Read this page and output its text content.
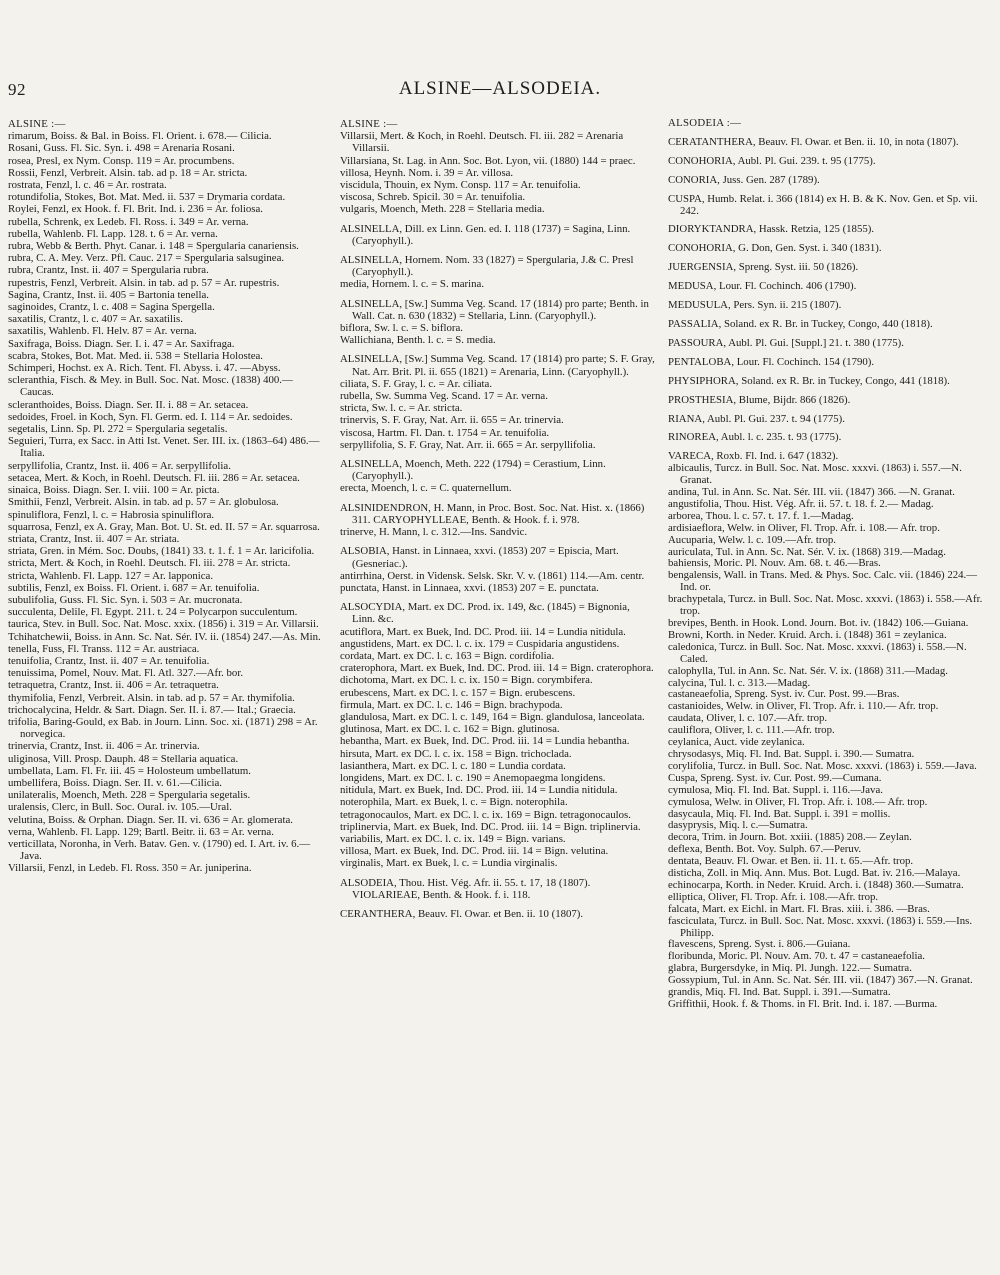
92	ALSINE—ALSODEIA.

ALSINE :—

rimarum, Boiss. & Bal. in Boiss. Fl. Orient. i. 678.— Cilicia.

Rosani, Guss. Fl. Sic. Syn. i. 498 = Arenaria Rosani.

rosea, Presl, ex Nym. Consp. 119 = Ar. procumbens.

Rossii, Fenzl, Verbreit. Alsin. tab. ad p. 18 = Ar. stricta.

rostrata, Fenzl, l. c. 46 = Ar. rostrata.

rotundifolia, Stokes, Bot. Mat. Med. ii. 537 = Drymaria cordata.

Roylei, Fenzl, ex Hook. f. Fl. Brit. Ind. i. 236 = Ar. foliosa.

rubella, Schrenk, ex Ledeb. Fl. Ross. i. 349 = Ar. verna.

rubella, Wahlenb. Fl. Lapp. 128. t. 6 = Ar. verna.

rubra, Webb & Berth. Phyt. Canar. i. 148 = Spergularia canariensis.

rubra, C. A. Mey. Verz. Pfl. Cauc. 217 = Spergularia salsuginea.

rubra, Crantz, Inst. ii. 407 = Spergularia rubra.

rupestris, Fenzl, Verbreit. Alsin. in tab. ad p. 57 = Ar. rupestris.

Sagina, Crantz, Inst. ii. 405 = Bartonia tenella.

saginoides, Crantz, l. c. 408 = Sagina Spergella.

saxatilis, Crantz, l. c. 407 = Ar. saxatilis.

saxatilis, Wahlenb. Fl. Helv. 87 = Ar. verna.

Saxifraga, Boiss. Diagn. Ser. I. i. 47 = Ar. Saxifraga.

scabra, Stokes, Bot. Mat. Med. ii. 538 = Stellaria Holostea.

Schimperi, Hochst. ex A. Rich. Tent. Fl. Abyss. i. 47. —Abyss.

scleranthia, Fisch. & Mey. in Bull. Soc. Nat. Mosc. (1838) 400.—Caucas.

scleranthoides, Boiss. Diagn. Ser. II. i. 88 = Ar. setacea.

sedoides, Froel. in Koch, Syn. Fl. Germ. ed. I. 114 = Ar. sedoides.

segetalis, Linn. Sp. Pl. 272 = Spergularia segetalis.

Seguieri, Turra, ex Sacc. in Atti Ist. Venet. Ser. III. ix. (1863–64) 486.—Italia.

serpyllifolia, Crantz, Inst. ii. 406 = Ar. serpyllifolia.

setacea, Mert. & Koch, in Roehl. Deutsch. Fl. iii. 286 = Ar. setacea.

sinaica, Boiss. Diagn. Ser. I. viii. 100 = Ar. picta.

Smithii, Fenzl, Verbreit. Alsin. in tab. ad p. 57 = Ar. globulosa.

spinuliflora, Fenzl, l. c. = Habrosia spinuliflora.

squarrosa, Fenzl, ex A. Gray, Man. Bot. U. St. ed. II. 57 = Ar. squarrosa.

striata, Crantz, Inst. ii. 407 = Ar. striata.

striata, Gren. in Mém. Soc. Doubs, (1841) 33. t. 1. f. 1 = Ar. laricifolia.

stricta, Mert. & Koch, in Roehl. Deutsch. Fl. iii. 278 = Ar. stricta.

stricta, Wahlenb. Fl. Lapp. 127 = Ar. lapponica.

subtilis, Fenzl, ex Boiss. Fl. Orient. i. 687 = Ar. tenuifolia.

subulifolia, Guss. Fl. Sic. Syn. i. 503 = Ar. mucronata.

succulenta, Delile, Fl. Egypt. 211. t. 24 = Polycarpon succulentum.

taurica, Stev. in Bull. Soc. Nat. Mosc. xxix. (1856) i. 319 = Ar. Villarsii.

Tchihatchewii, Boiss. in Ann. Sc. Nat. Sér. IV. ii. (1854) 247.—As. Min.

tenella, Fuss, Fl. Transs. 112 = Ar. austriaca.

tenuifolia, Crantz, Inst. ii. 407 = Ar. tenuifolia.

tenuissima, Pomel, Nouv. Mat. Fl. Atl. 327.—Afr. bor.

tetraquetra, Crantz, Inst. ii. 406 = Ar. tetraquetra.

thymifolia, Fenzl, Verbreit. Alsin. in tab. ad p. 57 = Ar. thymifolia.

trichocalycina, Heldr. & Sart. Diagn. Ser. II. i. 87.— Ital.; Graecia.

trifolia, Baring-Gould, ex Bab. in Journ. Linn. Soc. xi. (1871) 298 = Ar. norvegica.

trinervia, Crantz, Inst. ii. 406 = Ar. trinervia.

uliginosa, Vill. Prosp. Dauph. 48 = Stellaria aquatica.

umbellata, Lam. Fl. Fr. iii. 45 = Holosteum umbellatum.

umbellifera, Boiss. Diagn. Ser. II. v. 61.—Cilicia.

unilateralis, Moench, Meth. 228 = Spergularia segetalis.

uralensis, Clerc, in Bull. Soc. Oural. iv. 105.—Ural.

velutina, Boiss. & Orphan. Diagn. Ser. II. vi. 636 = Ar. glomerata.

verna, Wahlenb. Fl. Lapp. 129; Bartl. Beitr. ii. 63 = Ar. verna.

verticillata, Noronha, in Verh. Batav. Gen. v. (1790) ed. I. Art. iv. 6.—Java.

Villarsii, Fenzl, in Ledeb. Fl. Ross. 350 = Ar. juniperina.

ALSINE :—

Villarsii, Mert. & Koch, in Roehl. Deutsch. Fl. iii. 282 = Arenaria Villarsii.

Villarsiana, St. Lag. in Ann. Soc. Bot. Lyon, vii. (1880) 144 = praec.

villosa, Heynh. Nom. i. 39 = Ar. villosa.

viscidula, Thouin, ex Nym. Consp. 117 = Ar. tenuifolia.

viscosa, Schreb. Spicil. 30 = Ar. tenuifolia.

vulgaris, Moench, Meth. 228 = Stellaria media.

ALSINELLA, Dill. ex Linn. Gen. ed. I. 118 (1737) = Sagina, Linn. (Caryophyll.).

ALSINELLA, Hornem. Nom. 33 (1827) = Spergularia, J.& C. Presl (Caryophyll.).

media, Hornem. l. c. = S. marina.

ALSINELLA, [Sw.] Summa Veg. Scand. 17 (1814) pro parte; Benth. in Wall. Cat. n. 630 (1832) = Stellaria, Linn. (Caryophyll.).

biflora, Sw. l. c. = S. biflora.

Wallichiana, Benth. l. c. = S. media.

ALSINELLA, [Sw.] Summa Veg. Scand. 17 (1814) pro parte; S. F. Gray, Nat. Arr. Brit. Pl. ii. 655 (1821) = Arenaria, Linn. (Caryophyll.).

ciliata, S. F. Gray, l. c. = Ar. ciliata.

rubella, Sw. Summa Veg. Scand. 17 = Ar. verna.

stricta, Sw. l. c. = Ar. stricta.

trinervis, S. F. Gray, Nat. Arr. ii. 655 = Ar. trinervia.

viscosa, Hartm. Fl. Dan. t. 1754 = Ar. tenuifolia.

serpyllifolia, S. F. Gray, Nat. Arr. ii. 665 = Ar. serpyllifolia.

ALSINELLA, Moench, Meth. 222 (1794) = Cerastium, Linn. (Caryophyll.).

erecta, Moench, l. c. = C. quaternellum.

ALSINIDENDRON, H. Mann, in Proc. Bost. Soc. Nat. Hist. x. (1866) 311. CARYOPHYLLEAE, Benth. & Hook. f. i. 978.

trinerve, H. Mann, l. c. 312.—Ins. Sandvic.

ALSOBIA, Hanst. in Linnaea, xxvi. (1853) 207 = Episcia, Mart. (Gesneriac.).

antirrhina, Oerst. in Vidensk. Selsk. Skr. V. v. (1861) 114.—Am. centr.

punctata, Hanst. in Linnaea, xxvi. (1853) 207 = E. punctata.

ALSOCYDIA, Mart. ex DC. Prod. ix. 149, &c. (1845) = Bignonia, Linn. &c.

acutiflora, Mart. ex Buek, Ind. DC. Prod. iii. 14 = Lundia nitidula.

angustidens, Mart. ex DC. l. c. ix. 179 = Cuspidaria angustidens.

cordata, Mart. ex DC. l. c. 163 = Bign. cordifolia.

craterophora, Mart. ex Buek, Ind. DC. Prod. iii. 14 = Bign. craterophora.

dichotoma, Mart. ex DC. l. c. ix. 150 = Bign. corymbifera.

erubescens, Mart. ex DC. l. c. 157 = Bign. erubescens.

firmula, Mart. ex DC. l. c. 146 = Bign. brachypoda.

glandulosa, Mart. ex DC. l. c. 149, 164 = Bign. glandulosa, lanceolata.

glutinosa, Mart. ex DC. l. c. 162 = Bign. glutinosa.

hebantha, Mart. ex Buek, Ind. DC. Prod. iii. 14 = Lundia hebantha.

hirsuta, Mart. ex DC. l. c. ix. 158 = Bign. trichoclada.

lasianthera, Mart. ex DC. l. c. 180 = Lundia cordata.

longidens, Mart. ex DC. l. c. 190 = Anemopaegma longidens.

nitidula, Mart. ex Buek, Ind. DC. Prod. iii. 14 = Lundia nitidula.

noterophila, Mart. ex Buek, l. c. = Bign. noterophila.

tetragonocaulos, Mart. ex DC. l. c. ix. 169 = Bign. tetragonocaulos.

triplinervia, Mart. ex Buek, Ind. DC. Prod. iii. 14 = Bign. triplinervia.

variabilis, Mart. ex DC. l. c. ix. 149 = Bign. varians.

villosa, Mart. ex Buek, Ind. DC. Prod. iii. 14 = Bign. velutina.

virginalis, Mart. ex Buek, l. c. = Lundia virginalis.

ALSODEIA, Thou. Hist. Vég. Afr. ii. 55. t. 17, 18 (1807). VIOLARIEAE, Benth. & Hook. f. i. 118.

CERANTHERA, Beauv. Fl. Owar. et Ben. ii. 10 (1807).

ALSODEIA :—

CERATANTHERA, Beauv. Fl. Owar. et Ben. ii. 10, in nota (1807).

CONOHORIA, Aubl. Pl. Gui. 239. t. 95 (1775).

CONORIA, Juss. Gen. 287 (1789).

CUSPA, Humb. Relat. i. 366 (1814) ex H. B. & K. Nov. Gen. et Sp. vii. 242.

DIORYKTANDRA, Hassk. Retzia, 125 (1855).

CONOHORIA, G. Don, Gen. Syst. i. 340 (1831).

JUERGENSIA, Spreng. Syst. iii. 50 (1826).

MEDUSA, Lour. Fl. Cochinch. 406 (1790).

MEDUSULA, Pers. Syn. ii. 215 (1807).

PASSALIA, Soland. ex R. Br. in Tuckey, Congo, 440 (1818).

PASSOURA, Aubl. Pl. Gui. [Suppl.] 21. t. 380 (1775).

PENTALOBA, Lour. Fl. Cochinch. 154 (1790).

PHYSIPHORA, Soland. ex R. Br. in Tuckey, Congo, 441 (1818).

PROSTHESIA, Blume, Bijdr. 866 (1826).

RIANA, Aubl. Pl. Gui. 237. t. 94 (1775).

RINOREA, Aubl. l. c. 235. t. 93 (1775).

VARECA, Roxb. Fl. Ind. i. 647 (1832).

albicaulis, Turcz. in Bull. Soc. Nat. Mosc. xxxvi. (1863) i. 557.—N. Granat.

andina, Tul. in Ann. Sc. Nat. Sér. III. vii. (1847) 366. —N. Granat.

angustifolia, Thou. Hist. Vég. Afr. ii. 57. t. 18. f. 2.— Madag.

arborea, Thou. l. c. 57. t. 17. f. 1.—Madag.

ardisiaeflora, Welw. in Oliver, Fl. Trop. Afr. i. 108.— Afr. trop.

Aucuparia, Welw. l. c. 109.—Afr. trop.

auriculata, Tul. in Ann. Sc. Nat. Sér. V. ix. (1868) 319.—Madag.

bahiensis, Moric. Pl. Nouv. Am. 68. t. 46.—Bras.

bengalensis, Wall. in Trans. Med. & Phys. Soc. Calc. vii. (1846) 224.—Ind. or.

brachypetala, Turcz. in Bull. Soc. Nat. Mosc. xxxvi. (1863) i. 558.—Afr. trop.

brevipes, Benth. in Hook. Lond. Journ. Bot. iv. (1842) 106.—Guiana.

Browni, Korth. in Neder. Kruid. Arch. i. (1848) 361 = zeylanica.

caledonica, Turcz. in Bull. Soc. Nat. Mosc. xxxvi. (1863) i. 558.—N. Caled.

calophylla, Tul. in Ann. Sc. Nat. Sér. V. ix. (1868) 311.—Madag.

calycina, Tul. l. c. 313.—Madag.

castaneaefolia, Spreng. Syst. iv. Cur. Post. 99.—Bras.

castanioides, Welw. in Oliver, Fl. Trop. Afr. i. 110.— Afr. trop.

caudata, Oliver, l. c. 107.—Afr. trop.

cauliflora, Oliver, l. c. 111.—Afr. trop.

ceylanica, Auct. vide zeylanica.

chrysodasys, Miq. Fl. Ind. Bat. Suppl. i. 390.— Sumatra.

corylifolia, Turcz. in Bull. Soc. Nat. Mosc. xxxvi. (1863) i. 559.—Java.

Cuspa, Spreng. Syst. iv. Cur. Post. 99.—Cumana.

cymulosa, Miq. Fl. Ind. Bat. Suppl. i. 116.—Java.

cymulosa, Welw. in Oliver, Fl. Trop. Afr. i. 108.— Afr. trop.

dasycaula, Miq. Fl. Ind. Bat. Suppl. i. 391 = mollis.

dasyprysis, Miq. l. c.—Sumatra.

decora, Trim. in Journ. Bot. xxiii. (1885) 208.— Zeylan.

deflexa, Benth. Bot. Voy. Sulph. 67.—Peruv.

dentata, Beauv. Fl. Owar. et Ben. ii. 11. t. 65.—Afr. trop.

disticha, Zoll. in Miq. Ann. Mus. Bot. Lugd. Bat. iv. 216.—Malaya.

echinocarpa, Korth. in Neder. Kruid. Arch. i. (1848) 360.—Sumatra.

elliptica, Oliver, Fl. Trop. Afr. i. 108.—Afr. trop.

falcata, Mart. ex Eichl. in Mart. Fl. Bras. xiii. i. 386. —Bras.

fasciculata, Turcz. in Bull. Soc. Nat. Mosc. xxxvi. (1863) i. 559.—Ins. Philipp.

flavescens, Spreng. Syst. i. 806.—Guiana.

floribunda, Moric. Pl. Nouv. Am. 70. t. 47 = castaneaefolia.

glabra, Burgersdyke, in Miq. Pl. Jungh. 122.— Sumatra.

Gossypium, Tul. in Ann. Sc. Nat. Sér. III. vii. (1847) 367.—N. Granat.

grandis, Miq. Fl. Ind. Bat. Suppl. i. 391.—Sumatra.

Griffithii, Hook. f. & Thoms. in Fl. Brit. Ind. i. 187. —Burma.
